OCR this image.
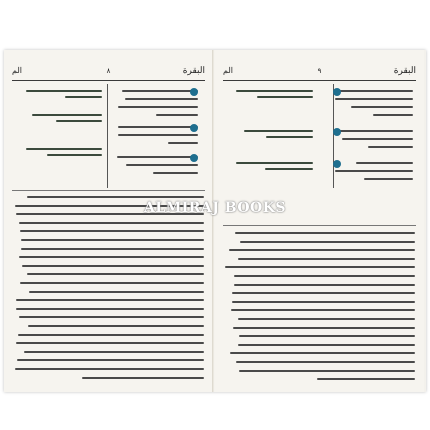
البقرة
٨
الم	البقرة
٩
الم
ALMIRAJ BOOKS
